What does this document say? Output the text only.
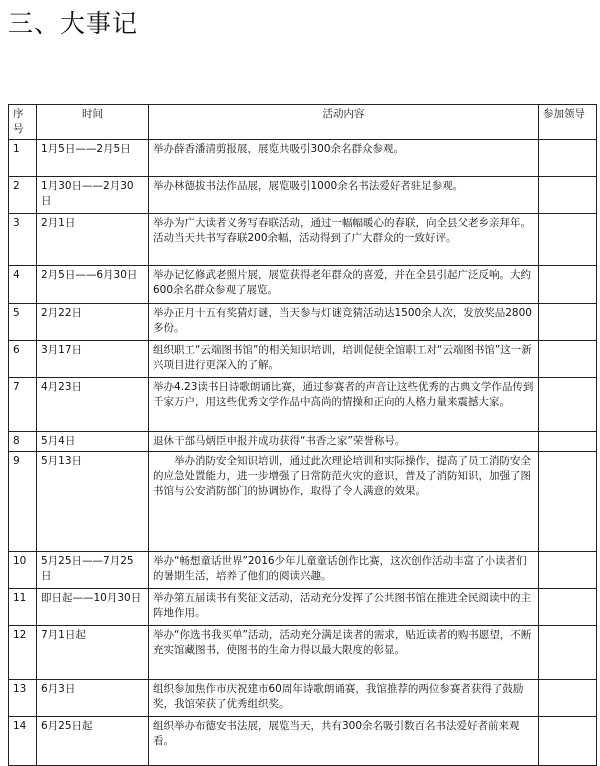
三、大事记
序号	时间	活动内容	参加领导
1	1月5日——2月5日	举办薛香潘清剪报展，展览共吸引300余名群众参观。	
2	1月30日——2月30日	举办林德拔书法作品展，展览吸引1000余名书法爱好者驻足参观。	
3	2月1日	举办为广大读者义务写春联活动，通过一幅幅暖心的春联，向全县父老乡亲拜年。活动当天共书写春联200余幅，活动得到了广大群众的一致好评。	
4	2月5日——6月30日	举办记忆修武老照片展，展览获得老年群众的喜爱，并在全县引起广泛反响。大约600余名群众参观了展览。	
5	2月22日	举办正月十五有奖猜灯谜，当天参与灯谜竞猜活动达1500余人次，发放奖品2800多份。	
6	3月17日	组织职工“云端图书馆”的相关知识培训，培训促使全馆职工对“云端图书馆”这一新兴项目进行更深入的了解。	
7	4月23日	举办4.23读书日诗歌朗诵比赛，通过参赛者的声音让这些优秀的古典文学作品传到千家万户，用这些优秀文学作品中高尚的情操和正向的人格力量来震撼大家。	
8	5月4日	退休干部马炳臣申报并成功获得“书香之家”荣誉称号。	
9	5月13日	举办消防安全知识培训，通过此次理论培训和实际操作，提高了员工消防安全的应急处置能力，进一步增强了日常防范火灾的意识，普及了消防知识，加强了图书馆与公安消防部门的协调协作，取得了令人满意的效果。	
10	5月25日——7月25日	举办“畅想童话世界”2016少年儿童童话创作比赛，这次创作活动丰富了小读者们的暑期生活，培养了他们的阅读兴趣。	
11	即日起——10月30日	举办第五届读书有奖征文活动，活动充分发挥了公共图书馆在推进全民阅读中的主阵地作用。	
12	7月1日起	举办“你选书我买单”活动，活动充分满足读者的需求，贴近读者的购书愿望，不断充实馆藏图书，使图书的生命力得以最大限度的彰显。	
13	6月3日	组织参加焦作市庆祝建市60周年诗歌朗诵赛，我馆推荐的两位参赛者获得了鼓励奖，我馆荣获了优秀组织奖。	
14	6月25日起	组织举办布德安书法展，展览当天，共有300余名吸引数百名书法爱好者前来观看。	
